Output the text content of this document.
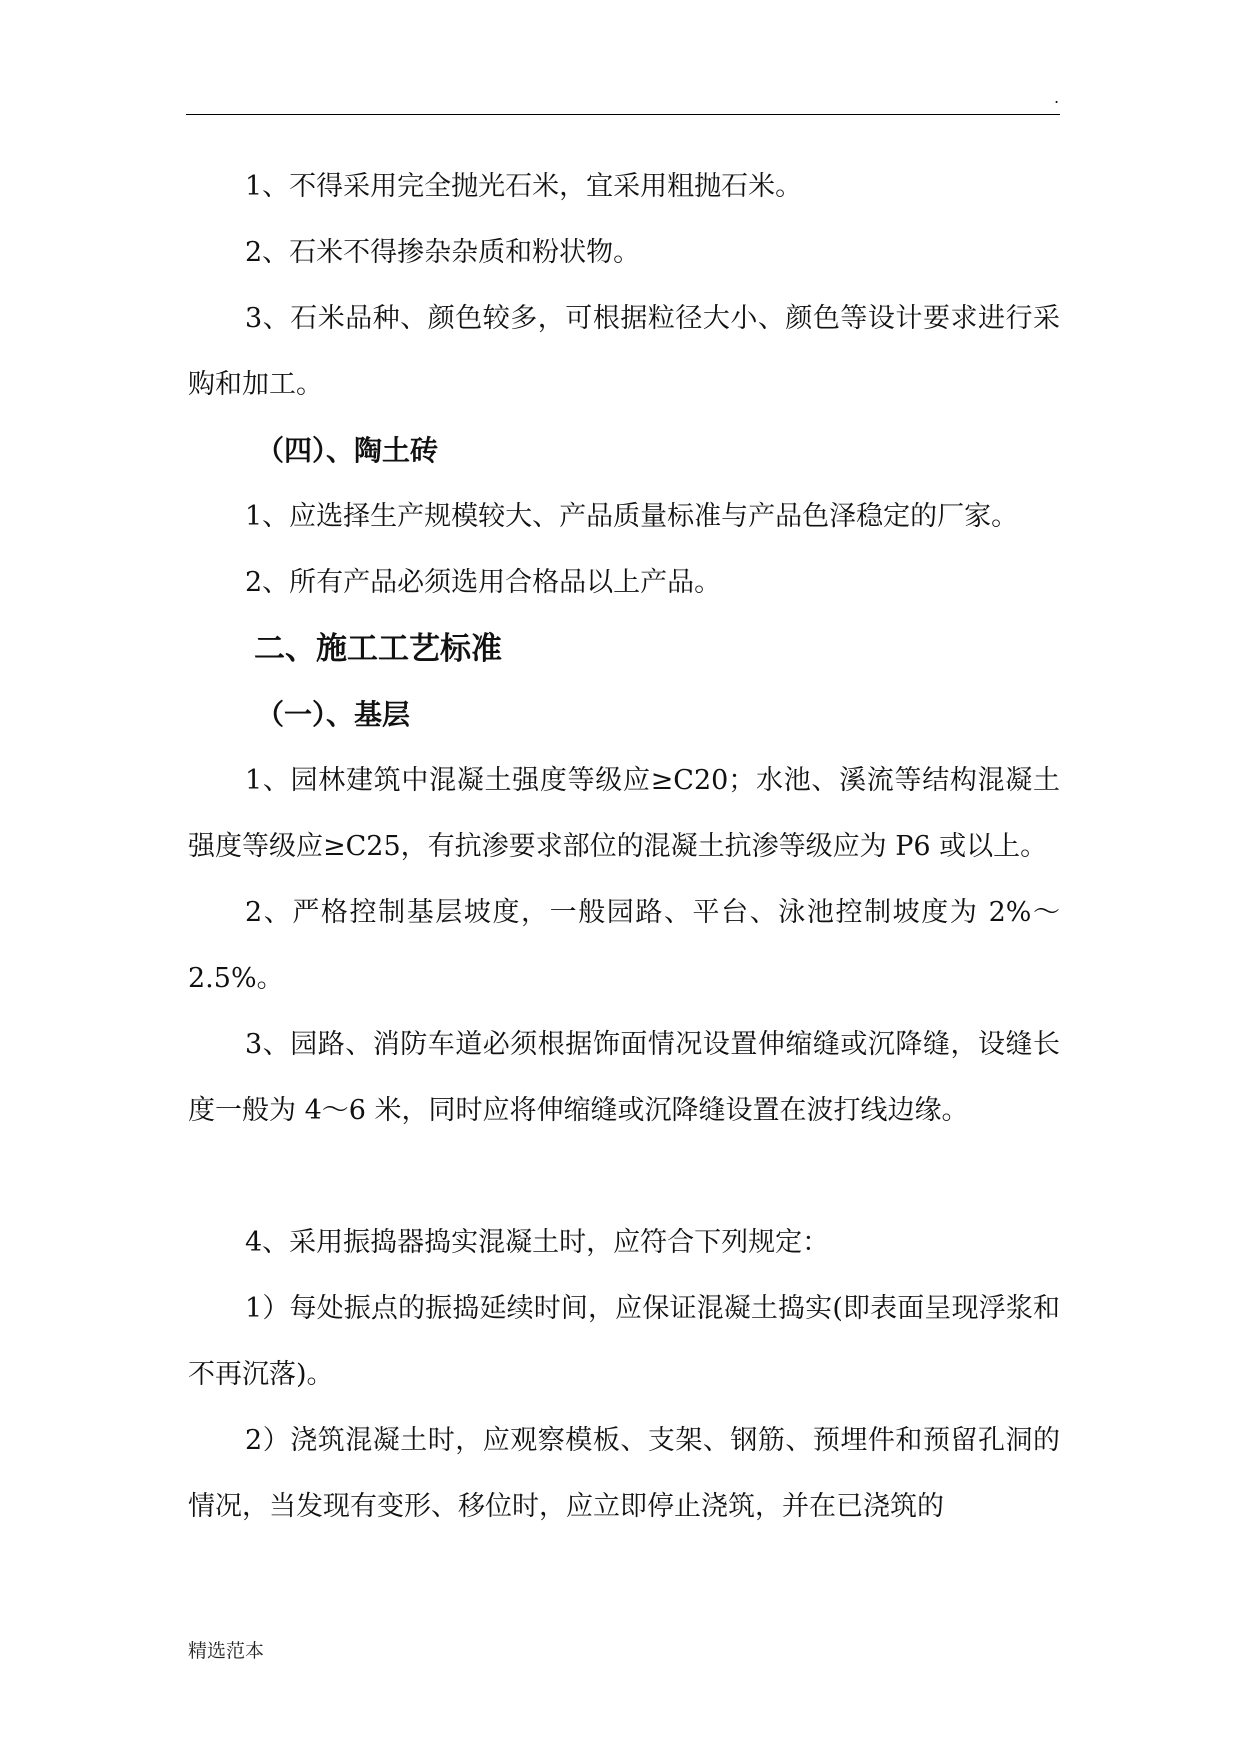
.

1、不得采用完全抛光石米，宜采用粗抛石米。

2、石米不得掺杂杂质和粉状物。

3、石米品种、颜色较多，可根据粒径大小、颜色等设计要求进行采购和加工。

（四）、陶土砖

1、应选择生产规模较大、产品质量标准与产品色泽稳定的厂家。

2、所有产品必须选用合格品以上产品。

二、施工工艺标准

（一）、基层

1、园林建筑中混凝土强度等级应≥C20；水池、溪流等结构混凝土强度等级应≥C25，有抗渗要求部位的混凝土抗渗等级应为 P6 或以上。

2、严格控制基层坡度，一般园路、平台、泳池控制坡度为 2%～2.5%。

3、园路、消防车道必须根据饰面情况设置伸缩缝或沉降缝，设缝长度一般为 4～6 米，同时应将伸缩缝或沉降缝设置在波打线边缘。

4、采用振捣器捣实混凝土时，应符合下列规定：

1）每处振点的振捣延续时间，应保证混凝土捣实(即表面呈现浮浆和不再沉落)。

2）浇筑混凝土时，应观察模板、支架、钢筋、预埋件和预留孔洞的情况，当发现有变形、移位时，应立即停止浇筑，并在已浇筑的

精选范本
